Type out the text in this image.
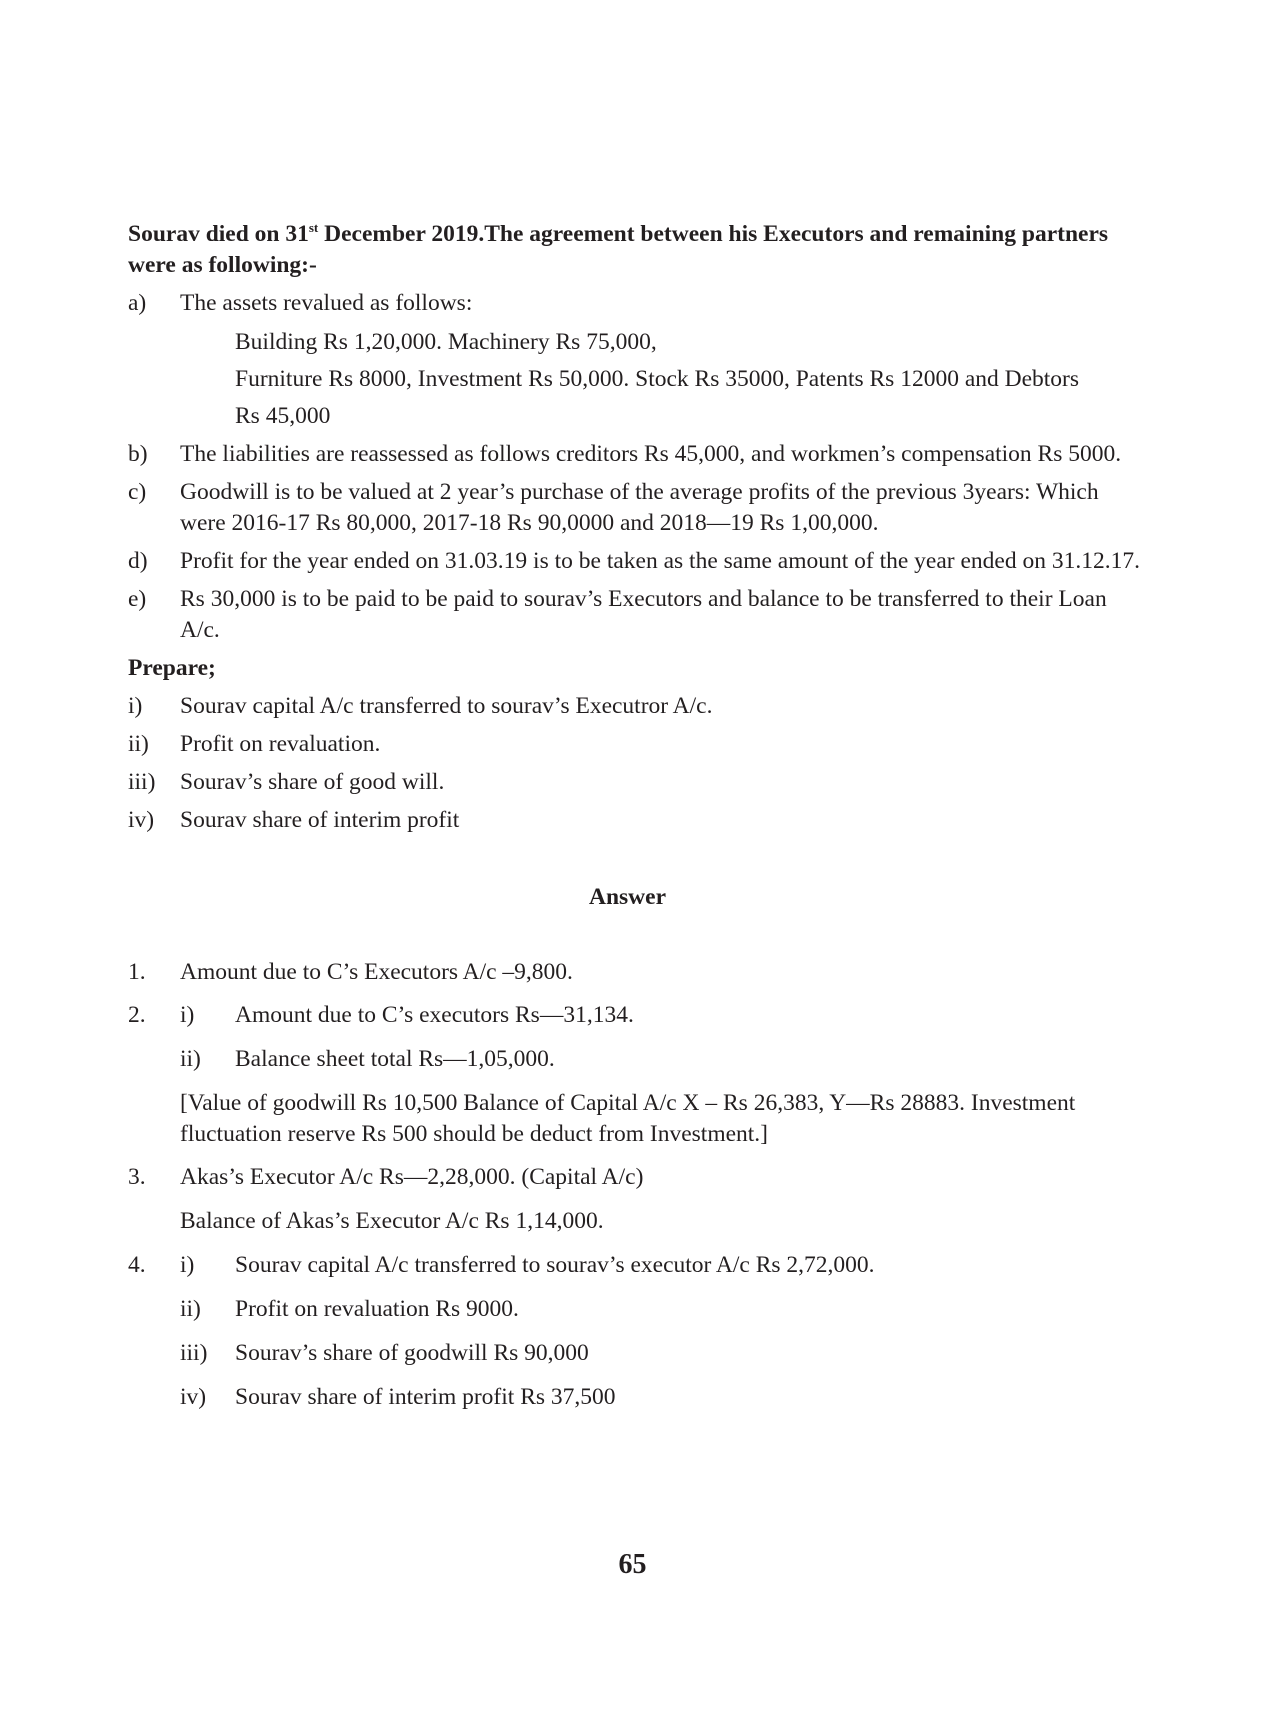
Sourav died on 31st December 2019.The agreement between his Executors and remaining partners
were as following:-
a) The assets revalued as follows:
Building Rs 1,20,000. Machinery Rs 75,000,
Furniture Rs 8000, Investment Rs 50,000. Stock Rs 35000, Patents Rs 12000 and Debtors
Rs 45,000
b) The liabilities are reassessed as follows creditors Rs 45,000, and workmen’s compensation Rs 5000.
c) Goodwill is to be valued at 2 year’s purchase of the average profits of the previous 3years: Which
were 2016-17 Rs 80,000, 2017-18 Rs 90,0000 and 2018—19 Rs 1,00,000.
d) Profit for the year ended on 31.03.19 is to be taken as the same amount of the year ended on 31.12.17.
e) Rs 30,000 is to be paid to be paid to sourav’s Executors and balance to be transferred to their Loan
A/c.
Prepare;
i) Sourav capital A/c transferred to sourav’s Executror A/c.
ii) Profit on revaluation.
iii) Sourav’s share of good will.
iv) Sourav share of interim profit
Answer
1. Amount due to C’s Executors A/c –9,800.
2. i) Amount due to C’s executors Rs—31,134.
ii) Balance sheet total Rs—1,05,000.
[Value of goodwill Rs 10,500 Balance of Capital A/c X – Rs 26,383, Y—Rs 28883. Investment
fluctuation reserve Rs 500 should be deduct from Investment.]
3. Akas’s Executor A/c Rs—2,28,000. (Capital A/c)
Balance of Akas’s Executor A/c Rs 1,14,000.
4. i) Sourav capital A/c transferred to sourav’s executor A/c Rs 2,72,000.
ii) Profit on revaluation Rs 9000.
iii) Sourav’s share of goodwill Rs 90,000
iv) Sourav share of interim profit Rs 37,500
65
